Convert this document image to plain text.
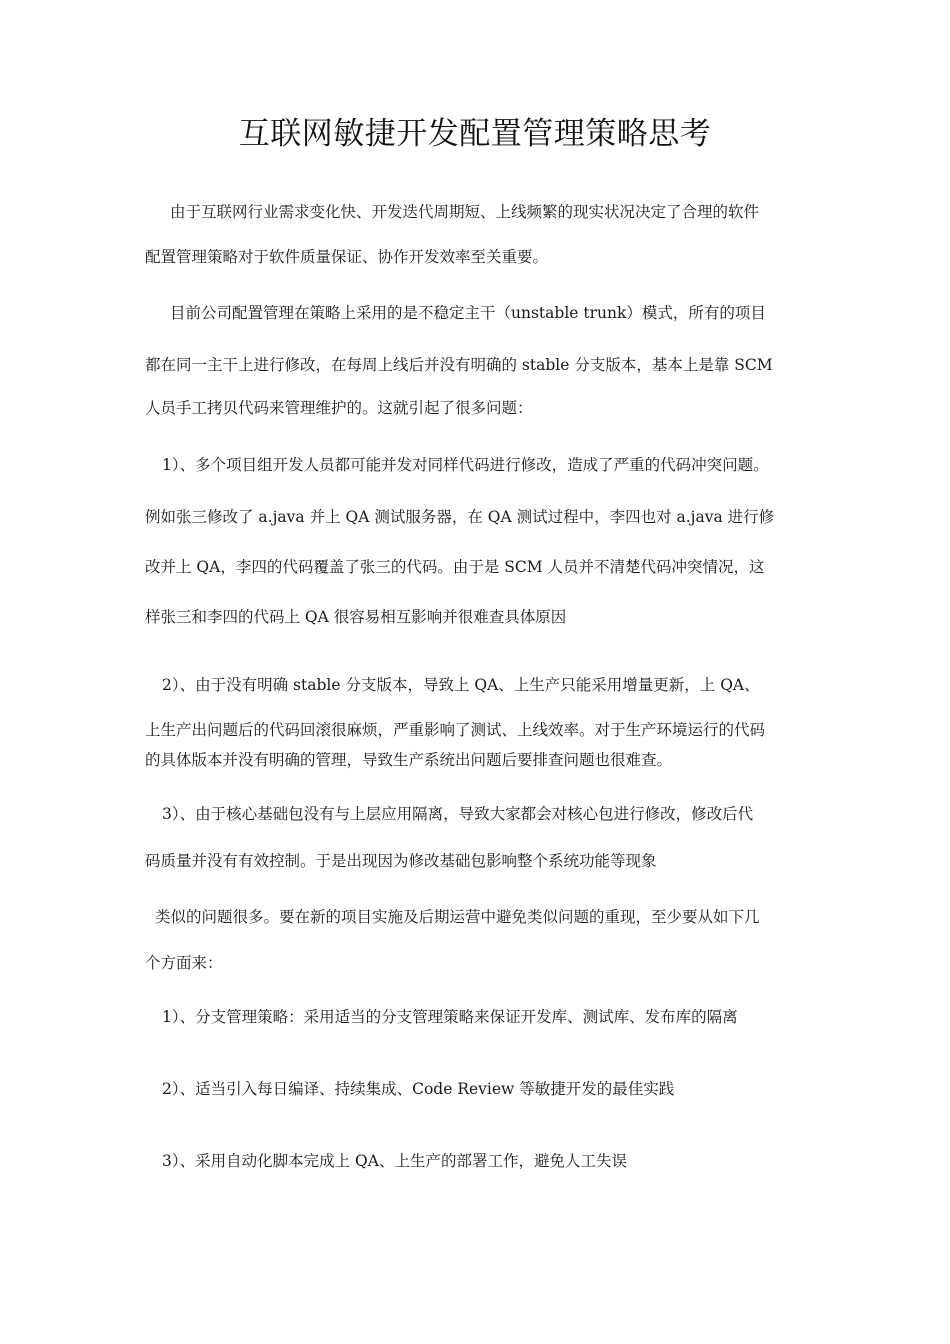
互联网敏捷开发配置管理策略思考
由于互联网行业需求变化快、开发迭代周期短、上线频繁的现实状况决定了合理的软件
配置管理策略对于软件质量保证、协作开发效率至关重要。
目前公司配置管理在策略上采用的是不稳定主干（unstable trunk）模式，所有的项目
都在同一主干上进行修改，在每周上线后并没有明确的 stable 分支版本，基本上是靠 SCM
人员手工拷贝代码来管理维护的。这就引起了很多问题：
1）、多个项目组开发人员都可能并发对同样代码进行修改，造成了严重的代码冲突问题。
例如张三修改了 a.java 并上 QA 测试服务器，在 QA 测试过程中，李四也对 a.java 进行修
改并上 QA，李四的代码覆盖了张三的代码。由于是 SCM 人员并不清楚代码冲突情况，这
样张三和李四的代码上 QA 很容易相互影响并很难查具体原因
2）、由于没有明确 stable 分支版本，导致上 QA、上生产只能采用增量更新，上 QA、
上生产出问题后的代码回滚很麻烦，严重影响了测试、上线效率。对于生产环境运行的代码
的具体版本并没有明确的管理，导致生产系统出问题后要排查问题也很难查。
3）、由于核心基础包没有与上层应用隔离，导致大家都会对核心包进行修改，修改后代
码质量并没有有效控制。于是出现因为修改基础包影响整个系统功能等现象
类似的问题很多。要在新的项目实施及后期运营中避免类似问题的重现，至少要从如下几
个方面来：
1）、分支管理策略：采用适当的分支管理策略来保证开发库、测试库、发布库的隔离
2）、适当引入每日编译、持续集成、Code Review 等敏捷开发的最佳实践
3）、采用自动化脚本完成上 QA、上生产的部署工作，避免人工失误
